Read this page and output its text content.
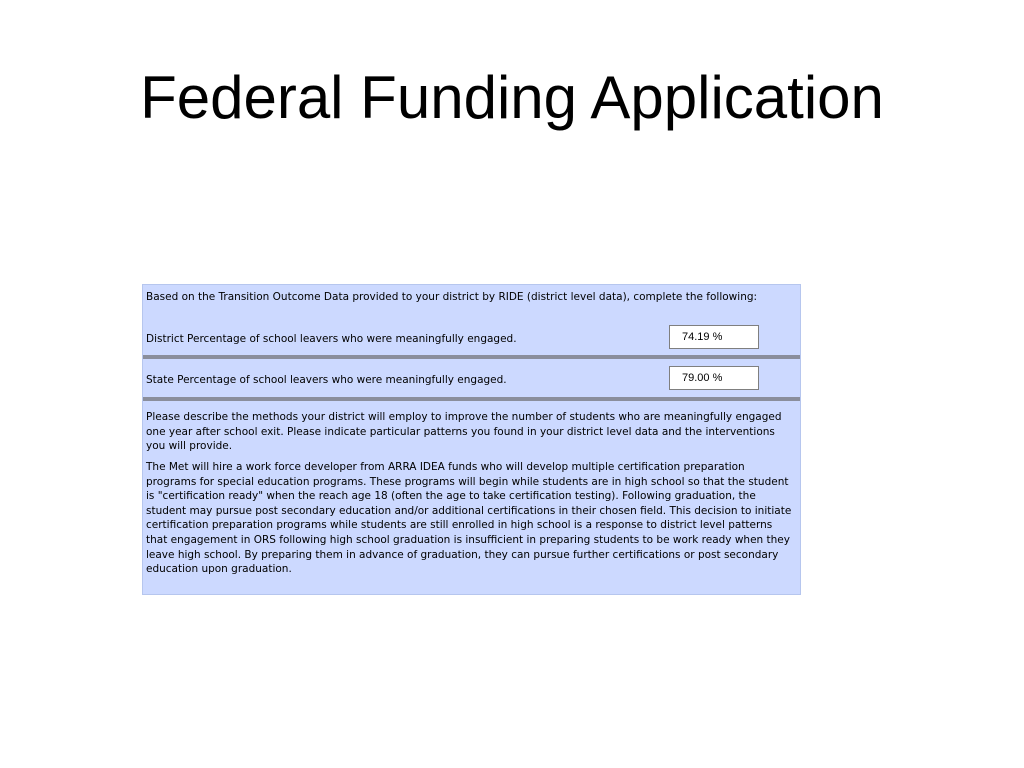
Federal Funding Application
Based on the Transition Outcome Data provided to your district by RIDE (district level data), complete the following:
District Percentage of school leavers who were meaningfully engaged.	74.19 %
State Percentage of school leavers who were meaningfully engaged.	79.00 %
Please describe the methods your district will employ to improve the number of students who are meaningfully engaged one year after school exit. Please indicate particular patterns you found in your district level data and the interventions you will provide.
The Met will hire a work force developer from ARRA IDEA funds who will develop multiple certification preparation programs for special education programs. These programs will begin while students are in high school so that the student is "certification ready" when the reach age 18 (often the age to take certification testing). Following graduation, the student may pursue post secondary education and/or additional certifications in their chosen field. This decision to initiate certification preparation programs while students are still enrolled in high school is a response to district level patterns that engagement in ORS following high school graduation is insufficient in preparing students to be work ready when they leave high school. By preparing them in advance of graduation, they can pursue further certifications or post secondary education upon graduation.
